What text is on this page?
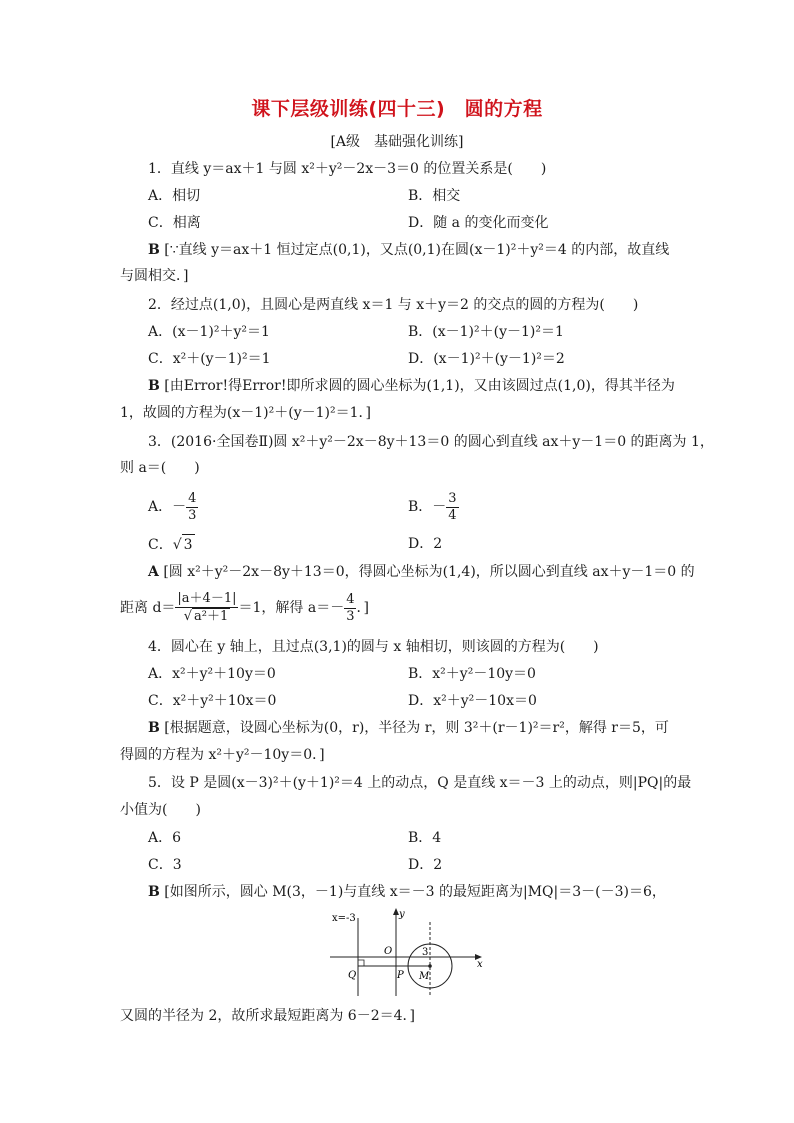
课下层级训练(四十三)　圆的方程
[A级　基础强化训练]
1．直线 y＝ax＋1 与圆 x²＋y²－2x－3＝0 的位置关系是(　　)
A．相切	B．相交
C．相离	D．随 a 的变化而变化
B [∵直线 y＝ax＋1 恒过定点(0,1)，又点(0,1)在圆(x－1)²＋y²＝4 的内部，故直线
与圆相交．]
2．经过点(1,0)，且圆心是两直线 x＝1 与 x＋y＝2 的交点的圆的方程为(　　)
A．(x－1)²＋y²＝1	B．(x－1)²＋(y－1)²＝1
C．x²＋(y－1)²＝1	D．(x－1)²＋(y－1)²＝2
B [由Error!得Error!即所求圆的圆心坐标为(1,1)，又由该圆过点(1,0)，得其半径为
1，故圆的方程为(x－1)²＋(y－1)²＝1．]
3．(2016·全国卷Ⅱ)圆 x²＋y²－2x－8y＋13＝0 的圆心到直线 ax＋y－1＝0 的距离为 1，
则 a＝(　　)
A．－ $\frac{4}{3}$	B．－ $\frac{3}{4}$
C．√ 3	D．2
A [圆 x²＋y²－2x－8y＋13＝0，得圆心坐标为(1,4)，所以圆心到直线 ax＋y－1＝0 的
距离 $d= \frac{|a+4-1|}{\text{√ a²＋1}} =1$，解得 $a=- \frac{4}{3}$ ．]
4．圆心在 y 轴上，且过点(3,1)的圆与 x 轴相切，则该圆的方程为(　　)
A．x²＋y²＋10y＝0	B．x²＋y²－10y＝0
C．x²＋y²＋10x＝0	D．x²＋y²－10x＝0
B [根据题意，设圆心坐标为(0，r)，半径为 r，则 3²＋(r－1)²＝r²，解得 r＝5，可
得圆的方程为 x²＋y²－10y＝0．]
5．设 P 是圆(x－3)²＋(y＋1)²＝4 上的动点，Q 是直线 x＝－3 上的动点，则|PQ|的最
小值为(　　)
A．6	B．4
C．3	D．2
B [如图所示，圆心 M(3，－1)与直线 x＝－3 的最短距离为|MQ|＝3－(－3)＝6，
x=-3	y
x
O
P
Q	M
3
又圆的半径为 2，故所求最短距离为 6－2＝4．]
